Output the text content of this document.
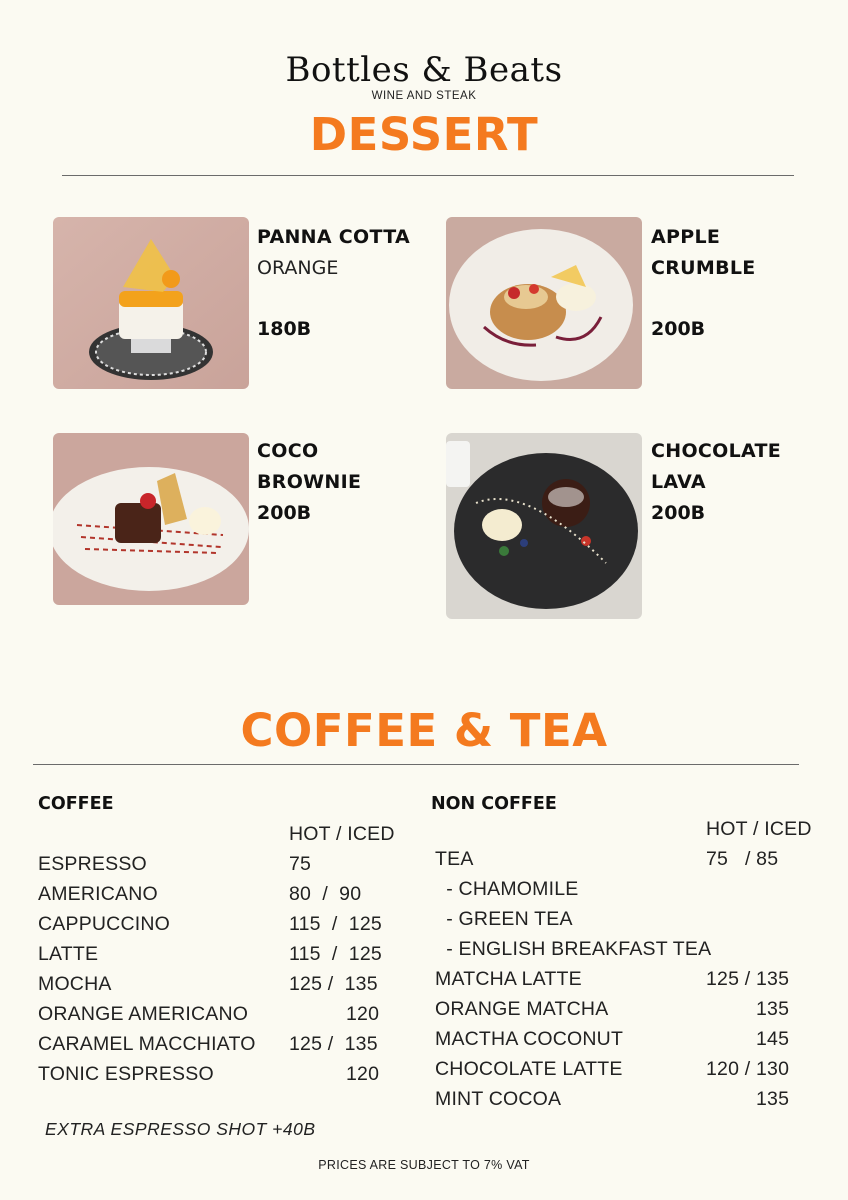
Bottles & Beats
WINE AND STEAK
DESSERT
PANNA COTTA
ORANGE
180B
APPLE
CRUMBLE
200B
COCO
BROWNIE
200B
CHOCOLATE
LAVA
200B
COFFEE & TEA
COFFEE
HOT / ICED
NON COFFEE
HOT / ICED
ESPRESSO	75
AMERICANO	80  /  90
CAPPUCCINO	115  /  125
LATTE	115  /  125
MOCHA	125 /  135
ORANGE AMERICANO	120
CARAMEL MACCHIATO 125 /  135
TONIC ESPRESSO	120
TEA	75   / 85
- CHAMOMILE
- GREEN TEA
- ENGLISH BREAKFAST TEA
MATCHA LATTE	125 / 135
ORANGE MATCHA	135
MACTHA COCONUT	145
CHOCOLATE LATTE	120 / 130
MINT COCOA	135
EXTRA ESPRESSO SHOT +40B
PRICES ARE SUBJECT TO 7% VAT
